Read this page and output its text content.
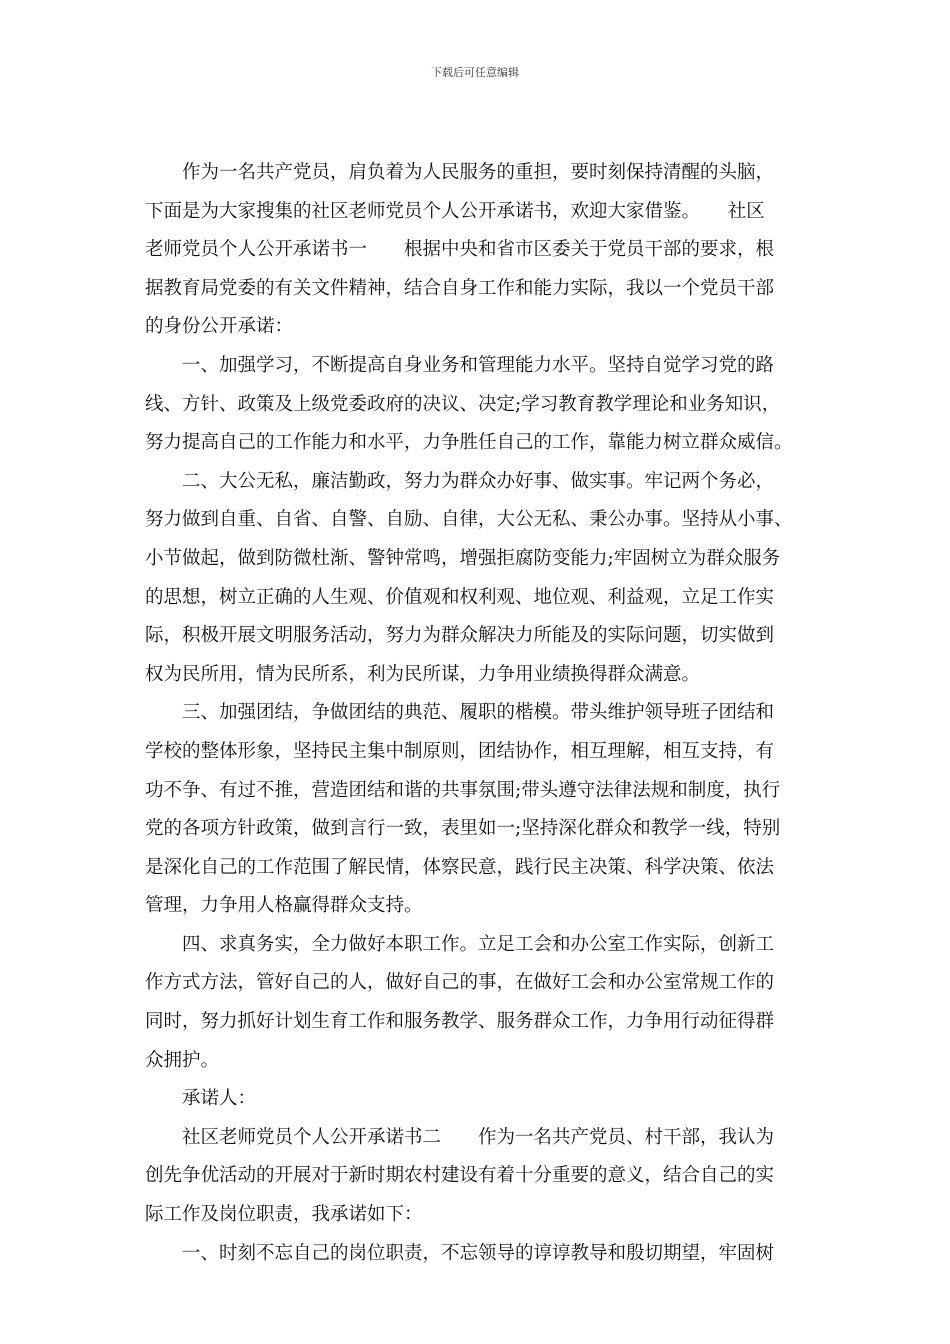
下载后可任意编辑
　　作为一名共产党员，肩负着为人民服务的重担，要时刻保持清醒的头脑，
下面是为大家搜集的社区老师党员个人公开承诺书，欢迎大家借鉴。　　社区
老师党员个人公开承诺书一　　根据中央和省市区委关于党员干部的要求，根
据教育局党委的有关文件精神，结合自身工作和能力实际，我以一个党员干部
的身份公开承诺：
　　一、加强学习，不断提高自身业务和管理能力水平。坚持自觉学习党的路
线、方针、政策及上级党委政府的决议、决定;学习教育教学理论和业务知识，
努力提高自己的工作能力和水平，力争胜任自己的工作，靠能力树立群众威信。
　　二、大公无私，廉洁勤政，努力为群众办好事、做实事。牢记两个务必，
努力做到自重、自省、自警、自励、自律，大公无私、秉公办事。坚持从小事、
小节做起，做到防微杜渐、警钟常鸣，增强拒腐防变能力;牢固树立为群众服务
的思想，树立正确的人生观、价值观和权利观、地位观、利益观，立足工作实
际，积极开展文明服务活动，努力为群众解决力所能及的实际问题，切实做到
权为民所用，情为民所系，利为民所谋，力争用业绩换得群众满意。
　　三、加强团结，争做团结的典范、履职的楷模。带头维护领导班子团结和
学校的整体形象，坚持民主集中制原则，团结协作，相互理解，相互支持，有
功不争、有过不推，营造团结和谐的共事氛围;带头遵守法律法规和制度，执行
党的各项方针政策，做到言行一致，表里如一;坚持深化群众和教学一线，特别
是深化自己的工作范围了解民情，体察民意，践行民主决策、科学决策、依法
管理，力争用人格赢得群众支持。
　　四、求真务实，全力做好本职工作。立足工会和办公室工作实际，创新工
作方式方法，管好自己的人，做好自己的事，在做好工会和办公室常规工作的
同时，努力抓好计划生育工作和服务教学、服务群众工作，力争用行动征得群
众拥护。
　　承诺人：
　　社区老师党员个人公开承诺书二　　作为一名共产党员、村干部，我认为
创先争优活动的开展对于新时期农村建设有着十分重要的意义，结合自己的实
际工作及岗位职责，我承诺如下：
　　一、时刻不忘自己的岗位职责，不忘领导的谆谆教导和殷切期望，牢固树
